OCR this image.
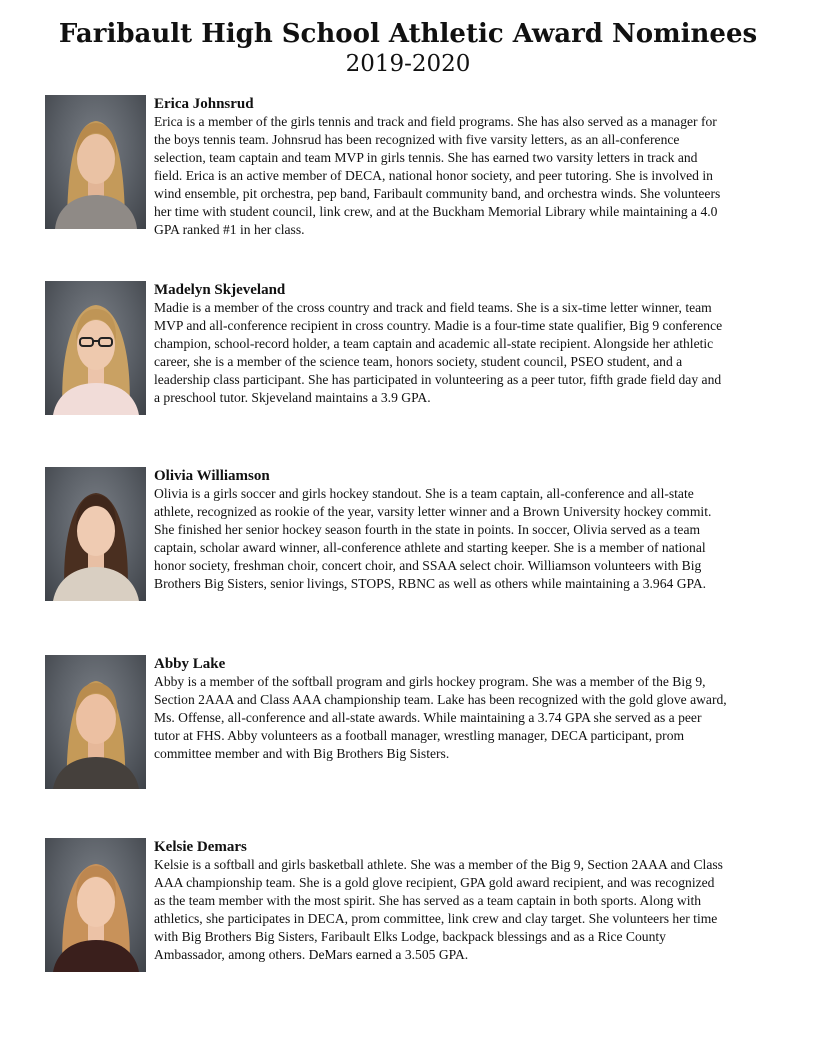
Faribault High School Athletic Award Nominees
2019-2020

Erica Johnsrud

Erica is a member of the girls tennis and track and field programs. She has also served as a manager for the boys tennis team. Johnsrud has been recognized with five varsity letters, as an all-conference selection, team captain and team MVP in girls tennis. She has earned two varsity letters in track and field. Erica is an active member of DECA, national honor society, and peer tutoring. She is involved in wind ensemble, pit orchestra, pep band, Faribault community band, and orchestra winds. She volunteers her time with student council, link crew, and at the Buckham Memorial Library while maintaining a 4.0 GPA ranked #1 in her class.

Madelyn Skjeveland

Madie is a member of the cross country and track and field teams. She is a six-time letter winner, team MVP and all-conference recipient in cross country. Madie is a four-time state qualifier, Big 9 conference champion, school-record holder, a team captain and academic all-state recipient. Alongside her athletic career, she is a member of the science team, honors society, student council, PSEO student, and a leadership class participant. She has participated in volunteering as a peer tutor, fifth grade field day and a preschool tutor. Skjeveland maintains a 3.9 GPA.

Olivia Williamson

Olivia is a girls soccer and girls hockey standout. She is a team captain, all-conference and all-state athlete, recognized as rookie of the year, varsity letter winner and a Brown University hockey commit. She finished her senior hockey season fourth in the state in points. In soccer, Olivia served as a team captain, scholar award winner, all-conference athlete and starting keeper. She is a member of national honor society, freshman choir, concert choir, and SSAA select choir. Williamson volunteers with Big Brothers Big Sisters, senior livings, STOPS, RBNC as well as others while maintaining a 3.964 GPA.

Abby Lake

Abby is a member of the softball program and girls hockey program. She was a member of the Big 9, Section 2AAA and Class AAA championship team. Lake has been recognized with the gold glove award, Ms. Offense, all-conference and all-state awards. While maintaining a 3.74 GPA she served as a peer tutor at FHS. Abby volunteers as a football manager, wrestling manager, DECA participant, prom committee member and with Big Brothers Big Sisters.

Kelsie Demars

Kelsie is a softball and girls basketball athlete. She was a member of the Big 9, Section 2AAA and Class AAA championship team. She is a gold glove recipient, GPA gold award recipient, and was recognized as the team member with the most spirit. She has served as a team captain in both sports. Along with athletics, she participates in DECA, prom committee, link crew and clay target. She volunteers her time with Big Brothers Big Sisters, Faribault Elks Lodge, backpack blessings and as a Rice County Ambassador, among others. DeMars earned a 3.505 GPA.
